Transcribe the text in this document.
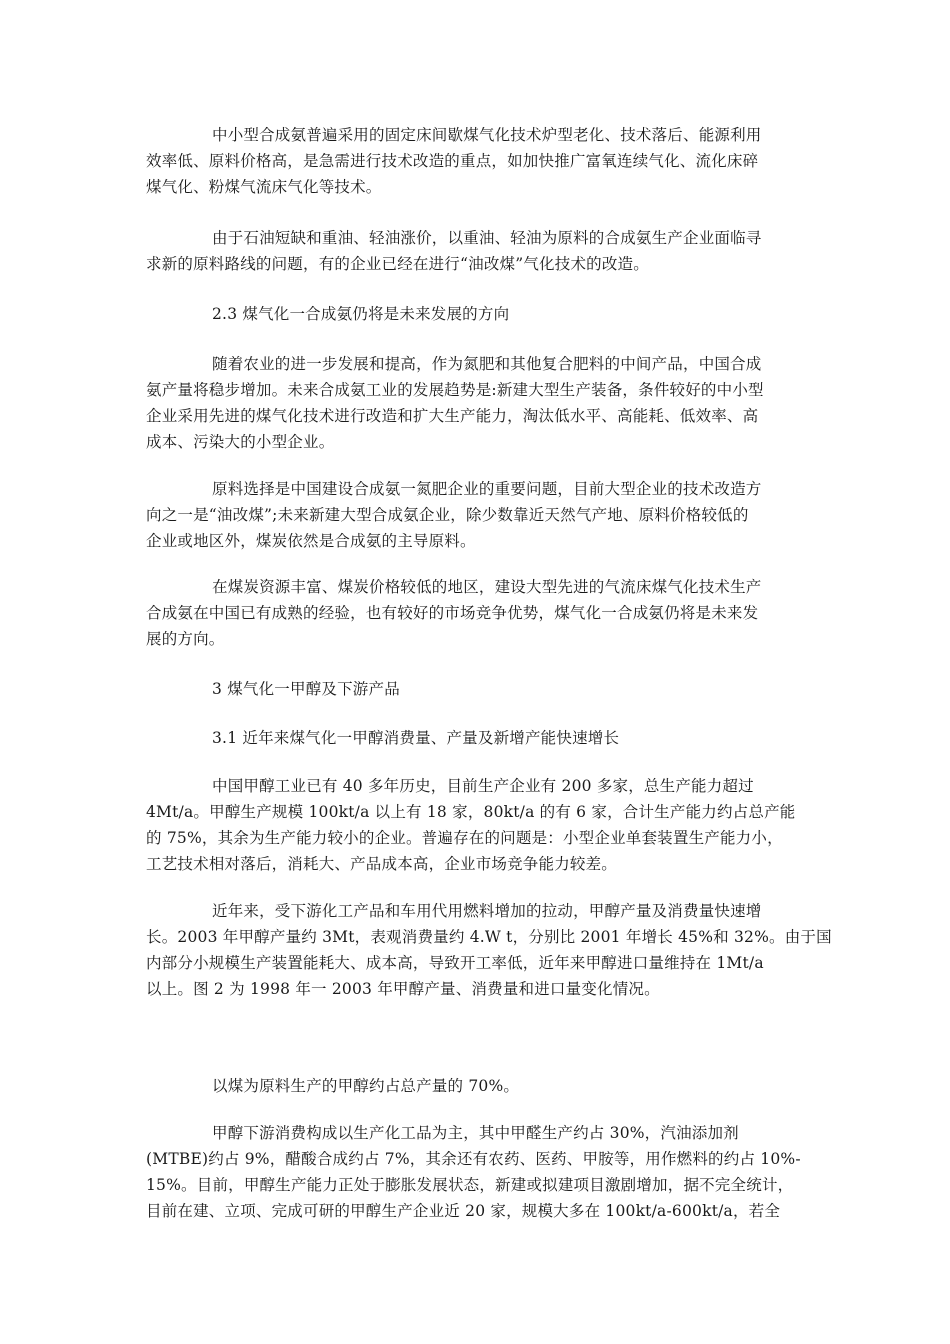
中小型合成氨普遍采用的固定床间歇煤气化技术炉型老化、技术落后、能源利用
效率低、原料价格高，是急需进行技术改造的重点，如加快推广富氧连续气化、流化床碎
煤气化、粉煤气流床气化等技术。
由于石油短缺和重油、轻油涨价，以重油、轻油为原料的合成氨生产企业面临寻
求新的原料路线的问题，有的企业已经在进行“油改煤”气化技术的改造。
2.3 煤气化一合成氨仍将是未来发展的方向
随着农业的进一步发展和提高，作为氮肥和其他复合肥料的中间产品，中国合成
氨产量将稳步增加。未来合成氨工业的发展趋势是:新建大型生产装备，条件较好的中小型
企业采用先进的煤气化技术进行改造和扩大生产能力，淘汰低水平、高能耗、低效率、高
成本、污染大的小型企业。
原料选择是中国建设合成氨一氮肥企业的重要问题，目前大型企业的技术改造方
向之一是“油改煤”;未来新建大型合成氨企业，除少数靠近天然气产地、原料价格较低的
企业或地区外，煤炭依然是合成氨的主导原料。
在煤炭资源丰富、煤炭价格较低的地区，建设大型先进的气流床煤气化技术生产
合成氨在中国已有成熟的经验，也有较好的市场竞争优势，煤气化一合成氨仍将是未来发
展的方向。
3 煤气化一甲醇及下游产品
3.1 近年来煤气化一甲醇消费量、产量及新增产能快速增长
中国甲醇工业已有 40 多年历史，目前生产企业有 200 多家，总生产能力超过
4Mt/a。甲醇生产规模 100kt/a 以上有 18 家，80kt/a 的有 6 家，合计生产能力约占总产能
的 75%，其余为生产能力较小的企业。普遍存在的问题是：小型企业单套装置生产能力小，
工艺技术相对落后，消耗大、产品成本高，企业市场竞争能力较差。
近年来，受下游化工产品和车用代用燃料增加的拉动，甲醇产量及消费量快速增
长。2003 年甲醇产量约 3Mt，表观消费量约 4.W t，分别比 2001 年增长 45%和 32%。由于国
内部分小规模生产装置能耗大、成本高，导致开工率低，近年来甲醇进口量维持在 1Mt/a
以上。图 2 为 1998 年一 2003 年甲醇产量、消费量和进口量变化情况。
以煤为原料生产的甲醇约占总产量的 70%。
甲醇下游消费构成以生产化工品为主，其中甲醛生产约占 30%，汽油添加剂
(MTBE)约占 9%，醋酸合成约占 7%，其余还有农药、医药、甲胺等，用作燃料的约占 10%-
15%。目前，甲醇生产能力正处于膨胀发展状态，新建或拟建项目激剧增加，据不完全统计，
目前在建、立项、完成可研的甲醇生产企业近 20 家，规模大多在 100kt/a-600kt/a，若全
